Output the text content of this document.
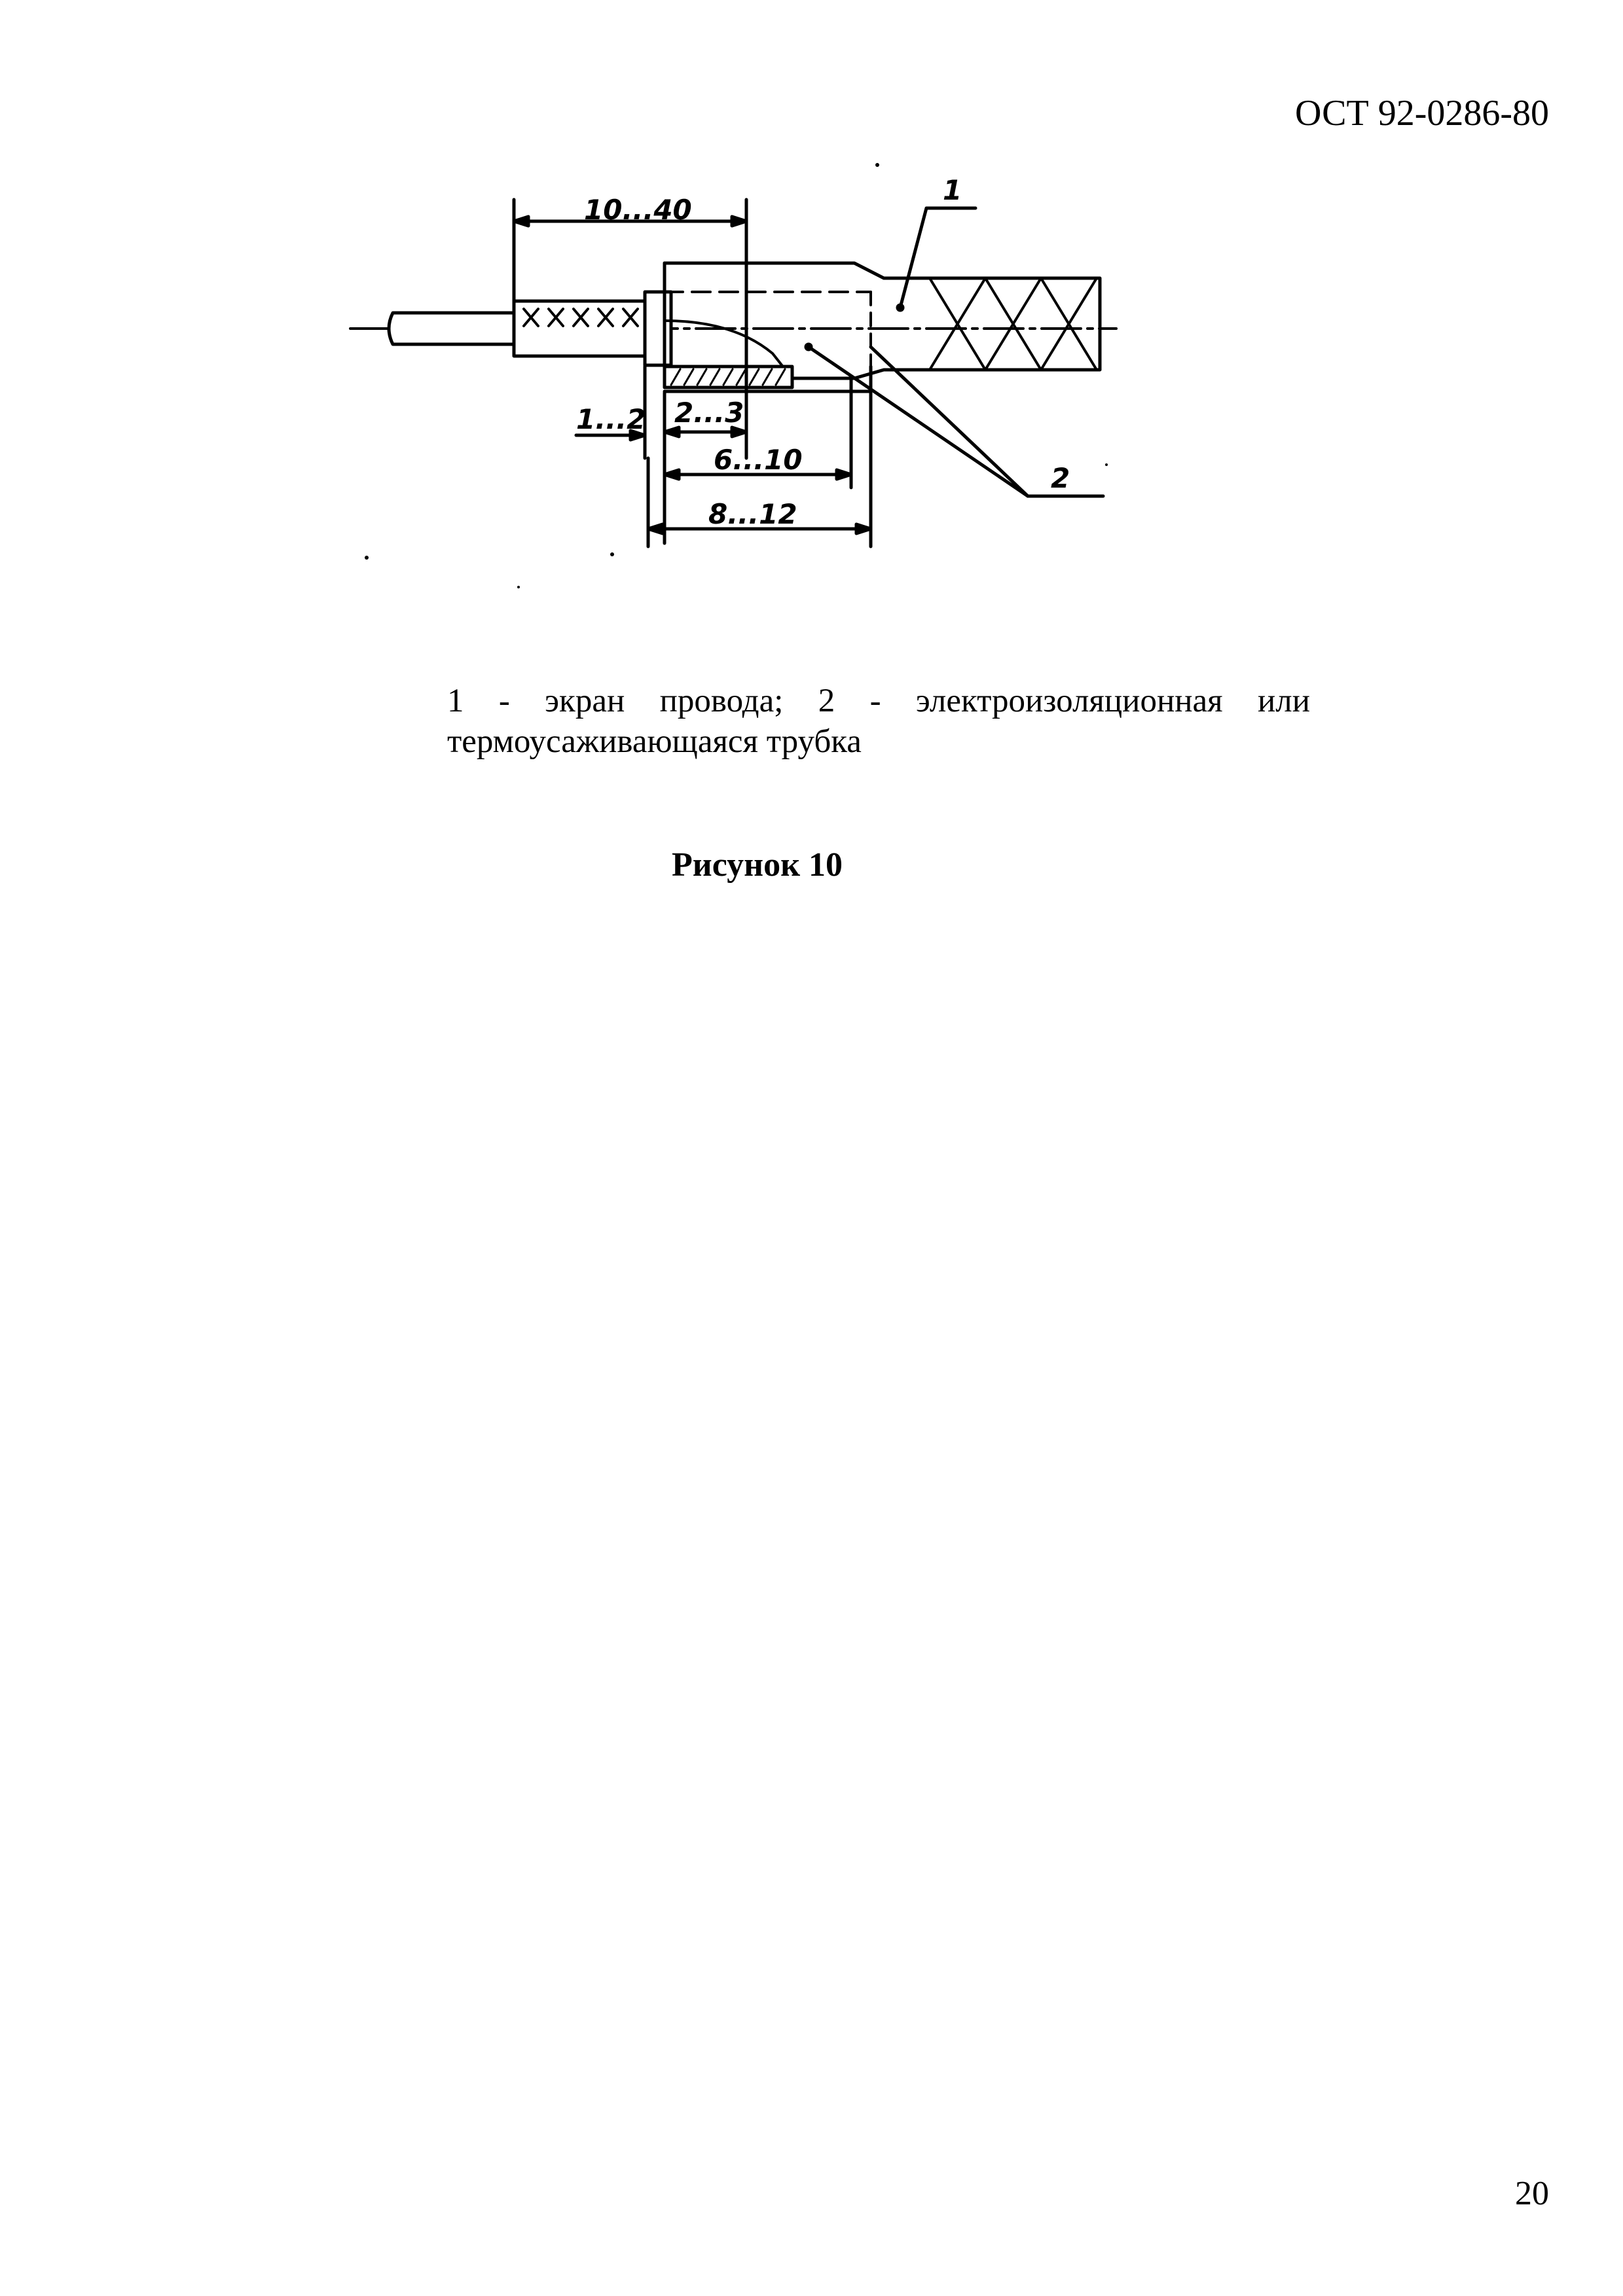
ОСТ 92-0286-80
10...40
1...2 2...3
6...10
8...12
1
2
1 - экран провода; 2 - электроизоляционная или термоусаживающаяся трубка
Рисунок 10
20
